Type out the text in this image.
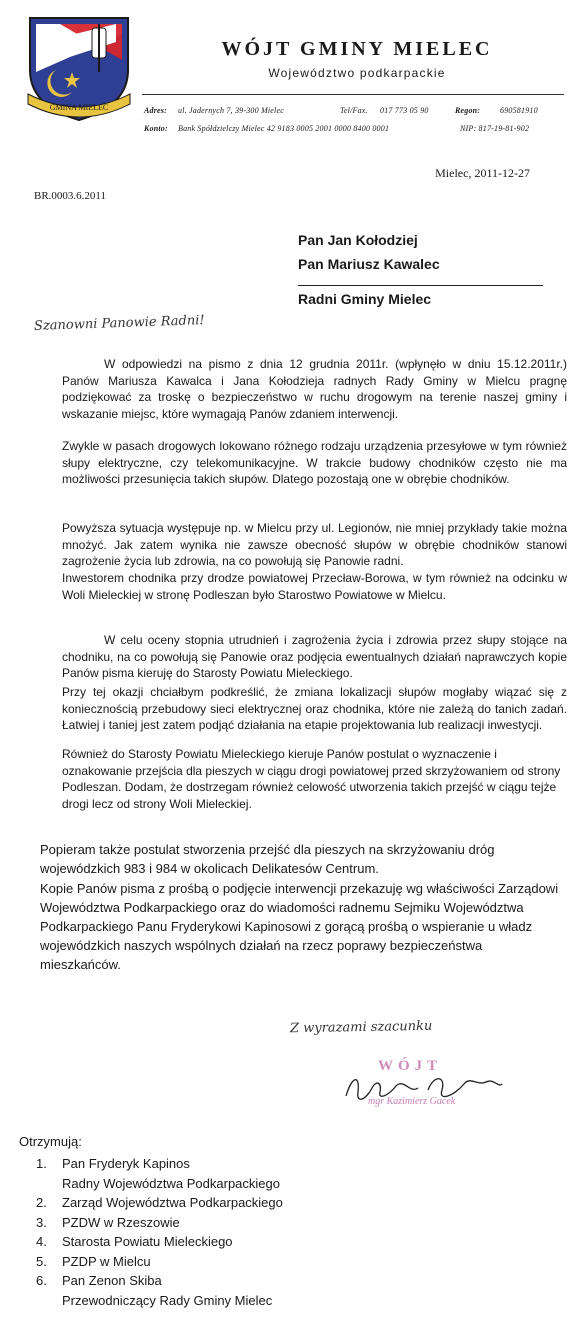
GMINA MIELEC
WÓJT GMINY MIELEC
Województwo podkarpackie
Adres: ul. Jadernych 7, 39-300 Mielec	Tel/Fax. 017 773 05 90	Regon: 690581910
Konto: Bank Spółdzielczy Mielec 42 9183 0005 2001 0000 8400 0001	NIP: 817-19-81-902
Mielec, 2011-12-27
BR.0003.6.2011
Pan Jan Kołodziej
Pan Mariusz Kawalec
Radni Gminy Mielec
Szanowni Panowie Radni!

W odpowiedzi na pismo z dnia 12 grudnia 2011r. (wpłynęło w dniu 15.12.2011r.) Panów Mariusza Kawalca i Jana Kołodzieja radnych Rady Gminy w Mielcu pragnę podziękować za troskę o bezpieczeństwo w ruchu drogowym na terenie naszej gminy i wskazanie miejsc, które wymagają Panów zdaniem interwencji.

Zwykle w pasach drogowych lokowano różnego rodzaju urządzenia przesyłowe w tym również słupy elektryczne, czy telekomunikacyjne. W trakcie budowy chodników często nie ma możliwości przesunięcia takich słupów. Dlatego pozostają one w obrębie chodników.

Powyższa sytuacja występuje np. w Mielcu przy ul. Legionów, nie mniej przykłady takie można mnożyć. Jak zatem wynika nie zawsze obecność słupów w obrębie chodników stanowi zagrożenie życia lub zdrowia, na co powołują się Panowie radni.

Inwestorem chodnika przy drodze powiatowej Przecław-Borowa, w tym również na odcinku w Woli Mieleckiej w stronę Podleszan było Starostwo Powiatowe w Mielcu.

W celu oceny stopnia utrudnień i zagrożenia życia i zdrowia przez słupy stojące na chodniku, na co powołują się Panowie oraz podjęcia ewentualnych działań naprawczych kopie Panów pisma kieruję do Starosty Powiatu Mieleckiego.

Przy tej okazji chciałbym podkreślić, że zmiana lokalizacji słupów mogłaby wiązać się z koniecznością przebudowy sieci elektrycznej oraz chodnika, które nie zależą do tanich zadań. Łatwiej i taniej jest zatem podjąć działania na etapie projektowania lub realizacji inwestycji.

Również do Starosty Powiatu Mieleckiego kieruje Panów postulat o wyznaczenie i oznakowanie przejścia dla pieszych w ciągu drogi powiatowej przed skrzyżowaniem od strony Podleszan. Dodam, że dostrzegam również celowość utworzenia takich przejść w ciągu tejże drogi lecz od strony Woli Mieleckiej.

Popieram także postulat stworzenia przejść dla pieszych na skrzyżowaniu dróg wojewódzkich 983 i 984 w okolicach Delikatesów Centrum.

Kopie Panów pisma z prośbą o podjęcie interwencji przekazuję wg właściwości Zarządowi Województwa Podkarpackiego oraz do wiadomości radnemu Sejmiku Województwa Podkarpackiego Panu Fryderykowi Kapinosowi z gorącą prośbą o wspieranie u władz wojewódzkich naszych wspólnych działań na rzecz poprawy bezpieczeństwa mieszkańców.

Z wyrazami szacunku
WÓJT
mgr Kazimierz Gacek
Otrzymują:
1. Pan Fryderyk Kapinos
Radny Województwa Podkarpackiego
2. Zarząd Województwa Podkarpackiego
3. PZDW w Rzeszowie
4. Starosta Powiatu Mieleckiego
5. PZDP w Mielcu
6. Pan Zenon Skiba
Przewodniczący Rady Gminy Mielec
